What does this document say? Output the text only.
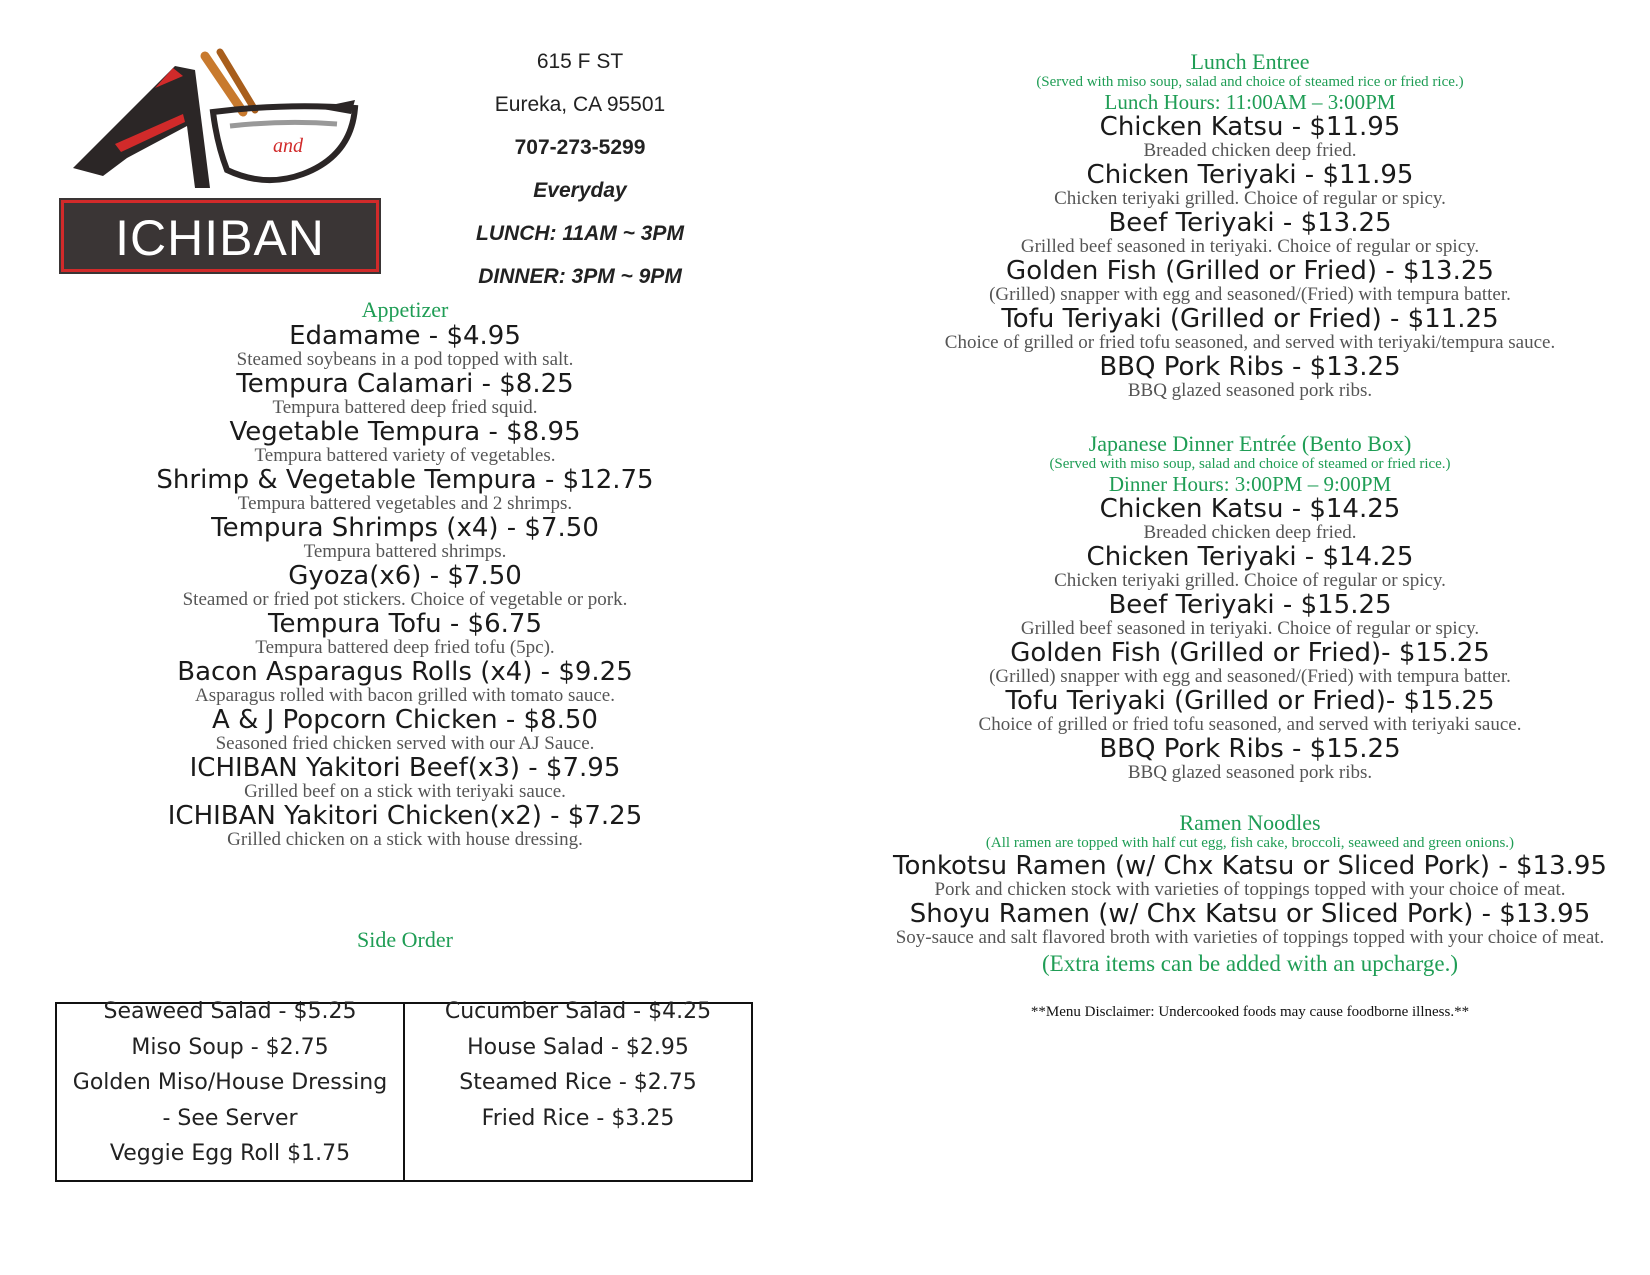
and
ICHIBAN
615 F ST
Eureka, CA 95501
707-273-5299
Everyday
LUNCH: 11AM ~ 3PM
DINNER: 3PM ~ 9PM
Appetizer
Edamame - $4.95
Steamed soybeans in a pod topped with salt.
Tempura Calamari - $8.25
Tempura battered deep fried squid.
Vegetable Tempura - $8.95
Tempura battered variety of vegetables.
Shrimp & Vegetable Tempura - $12.75
Tempura battered vegetables and 2 shrimps.
Tempura Shrimps (x4) - $7.50
Tempura battered shrimps.
Gyoza(x6) - $7.50
Steamed or fried pot stickers. Choice of vegetable or pork.
Tempura Tofu - $6.75
Tempura battered deep fried tofu (5pc).
Bacon Asparagus Rolls (x4) - $9.25
Asparagus rolled with bacon grilled with tomato sauce.
A & J Popcorn Chicken - $8.50
Seasoned fried chicken served with our AJ Sauce.
ICHIBAN Yakitori Beef(x3) - $7.95
Grilled beef on a stick with teriyaki sauce.
ICHIBAN Yakitori Chicken(x2) - $7.25
Grilled chicken on a stick with house dressing.
Side Order
Seaweed Salad - $5.25
Miso Soup - $2.75
Golden Miso/House Dressing
- See Server
Veggie Egg Roll $1.75
Cucumber Salad - $4.25
House Salad - $2.95
Steamed Rice - $2.75
Fried Rice - $3.25
Lunch Entree
(Served with miso soup, salad and choice of steamed rice or fried rice.)
Lunch Hours: 11:00AM – 3:00PM
Chicken Katsu - $11.95
Breaded chicken deep fried.
Chicken Teriyaki - $11.95
Chicken teriyaki grilled. Choice of regular or spicy.
Beef Teriyaki - $13.25
Grilled beef seasoned in teriyaki. Choice of regular or spicy.
Golden Fish (Grilled or Fried) - $13.25
(Grilled) snapper with egg and seasoned/(Fried) with tempura batter.
Tofu Teriyaki (Grilled or Fried) - $11.25
Choice of grilled or fried tofu seasoned, and served with teriyaki/tempura sauce.
BBQ Pork Ribs - $13.25
BBQ glazed seasoned pork ribs.
Japanese Dinner Entrée (Bento Box)
(Served with miso soup, salad and choice of steamed or fried rice.)
Dinner Hours: 3:00PM – 9:00PM
Chicken Katsu - $14.25
Breaded chicken deep fried.
Chicken Teriyaki - $14.25
Chicken teriyaki grilled. Choice of regular or spicy.
Beef Teriyaki - $15.25
Grilled beef seasoned in teriyaki. Choice of regular or spicy.
Golden Fish (Grilled or Fried)- $15.25
(Grilled) snapper with egg and seasoned/(Fried) with tempura batter.
Tofu Teriyaki (Grilled or Fried)- $15.25
Choice of grilled or fried tofu seasoned, and served with teriyaki sauce.
BBQ Pork Ribs - $15.25
BBQ glazed seasoned pork ribs.
Ramen Noodles
(All ramen are topped with half cut egg, fish cake, broccoli, seaweed and green onions.)
Tonkotsu Ramen (w/ Chx Katsu or Sliced Pork) - $13.95
Pork and chicken stock with varieties of toppings topped with your choice of meat.
Shoyu Ramen (w/ Chx Katsu or Sliced Pork) - $13.95
Soy-sauce and salt flavored broth with varieties of toppings topped with your choice of meat.
(Extra items can be added with an upcharge.)
**Menu Disclaimer: Undercooked foods may cause foodborne illness.**
